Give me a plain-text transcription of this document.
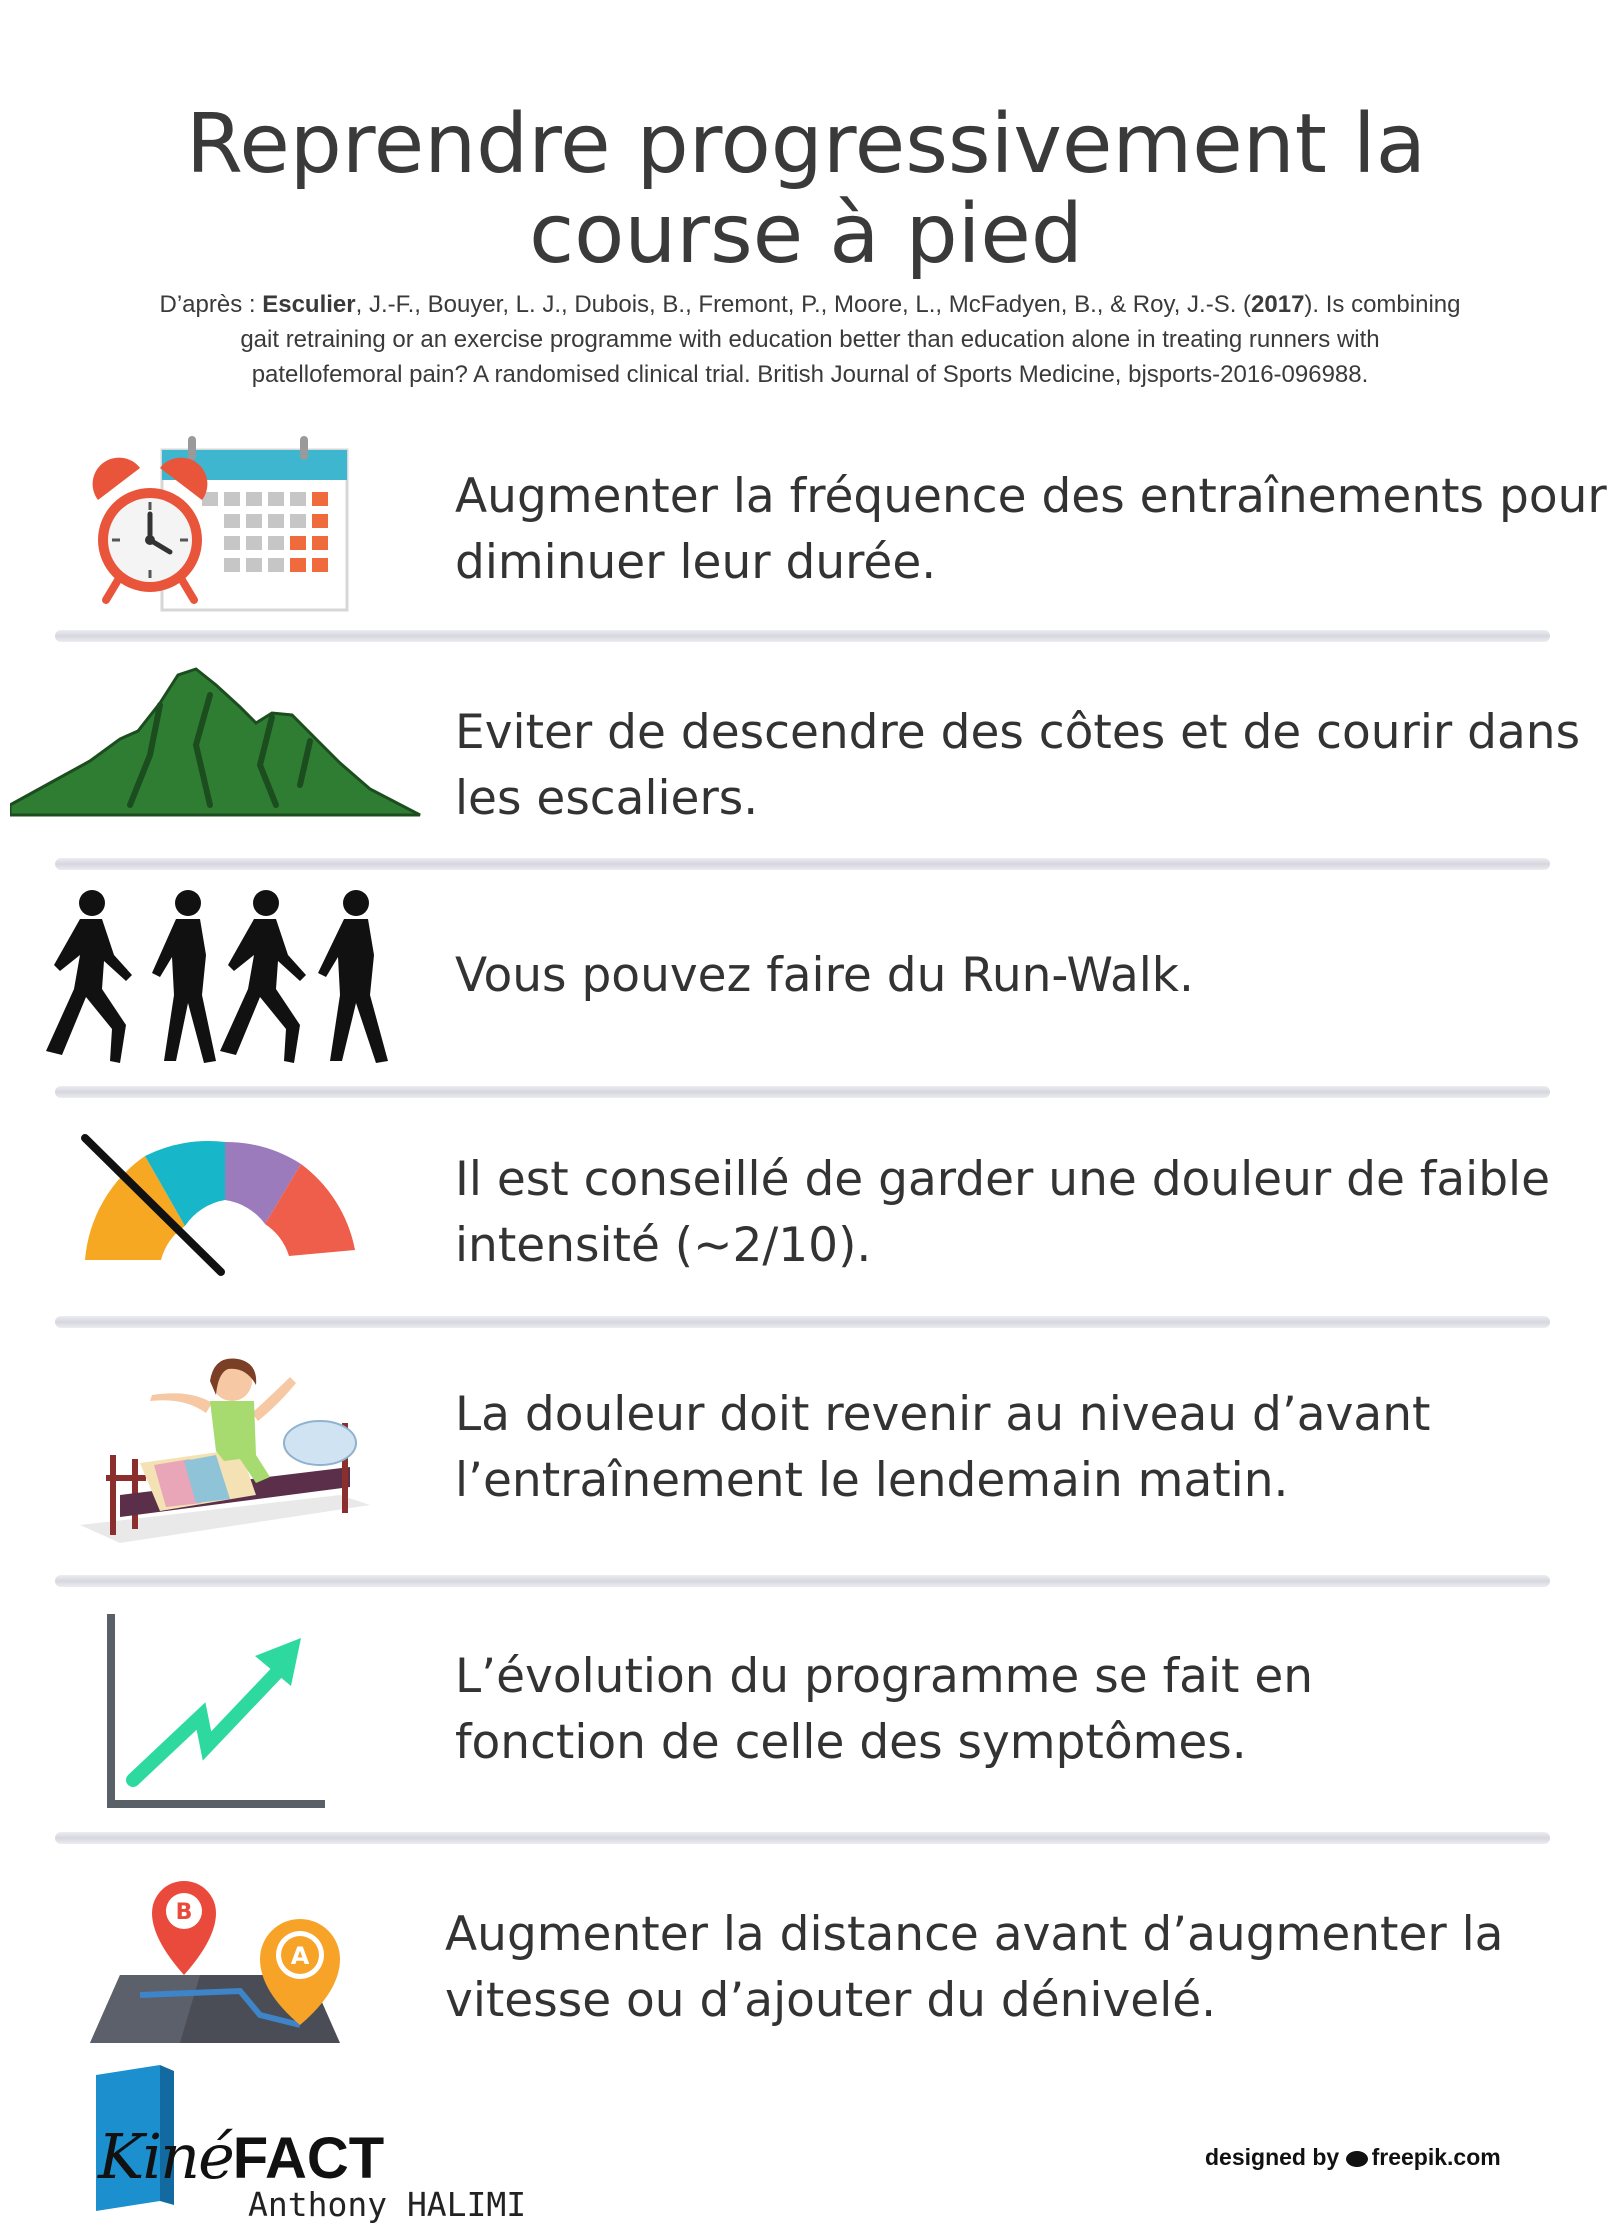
Reprendre progressivement la
course à pied
D’après : Esculier, J.-F., Bouyer, L. J., Dubois, B., Fremont, P., Moore, L., McFadyen, B., & Roy, J.-S. (2017). Is combining
gait retraining or an exercise programme with education better than education alone in treating runners with
patellofemoral pain? A randomised clinical trial. British Journal of Sports Medicine, bjsports-2016-096988.
Augmenter la fréquence des entraînements pour
diminuer leur durée.
Eviter de descendre des côtes et de courir dans
les escaliers.
Vous pouvez faire du Run-Walk.
Il est conseillé de garder une douleur de faible
intensité (~2/10).
La douleur doit revenir au niveau d’avant
l’entraînement le lendemain matin.
L’évolution du programme se fait en
fonction de celle des symptômes.
B
A	Augmenter la distance avant d’augmenter la
vitesse ou d’ajouter du dénivelé.
KinéFACT
Anthony HALIMI
designed by freepik.com
